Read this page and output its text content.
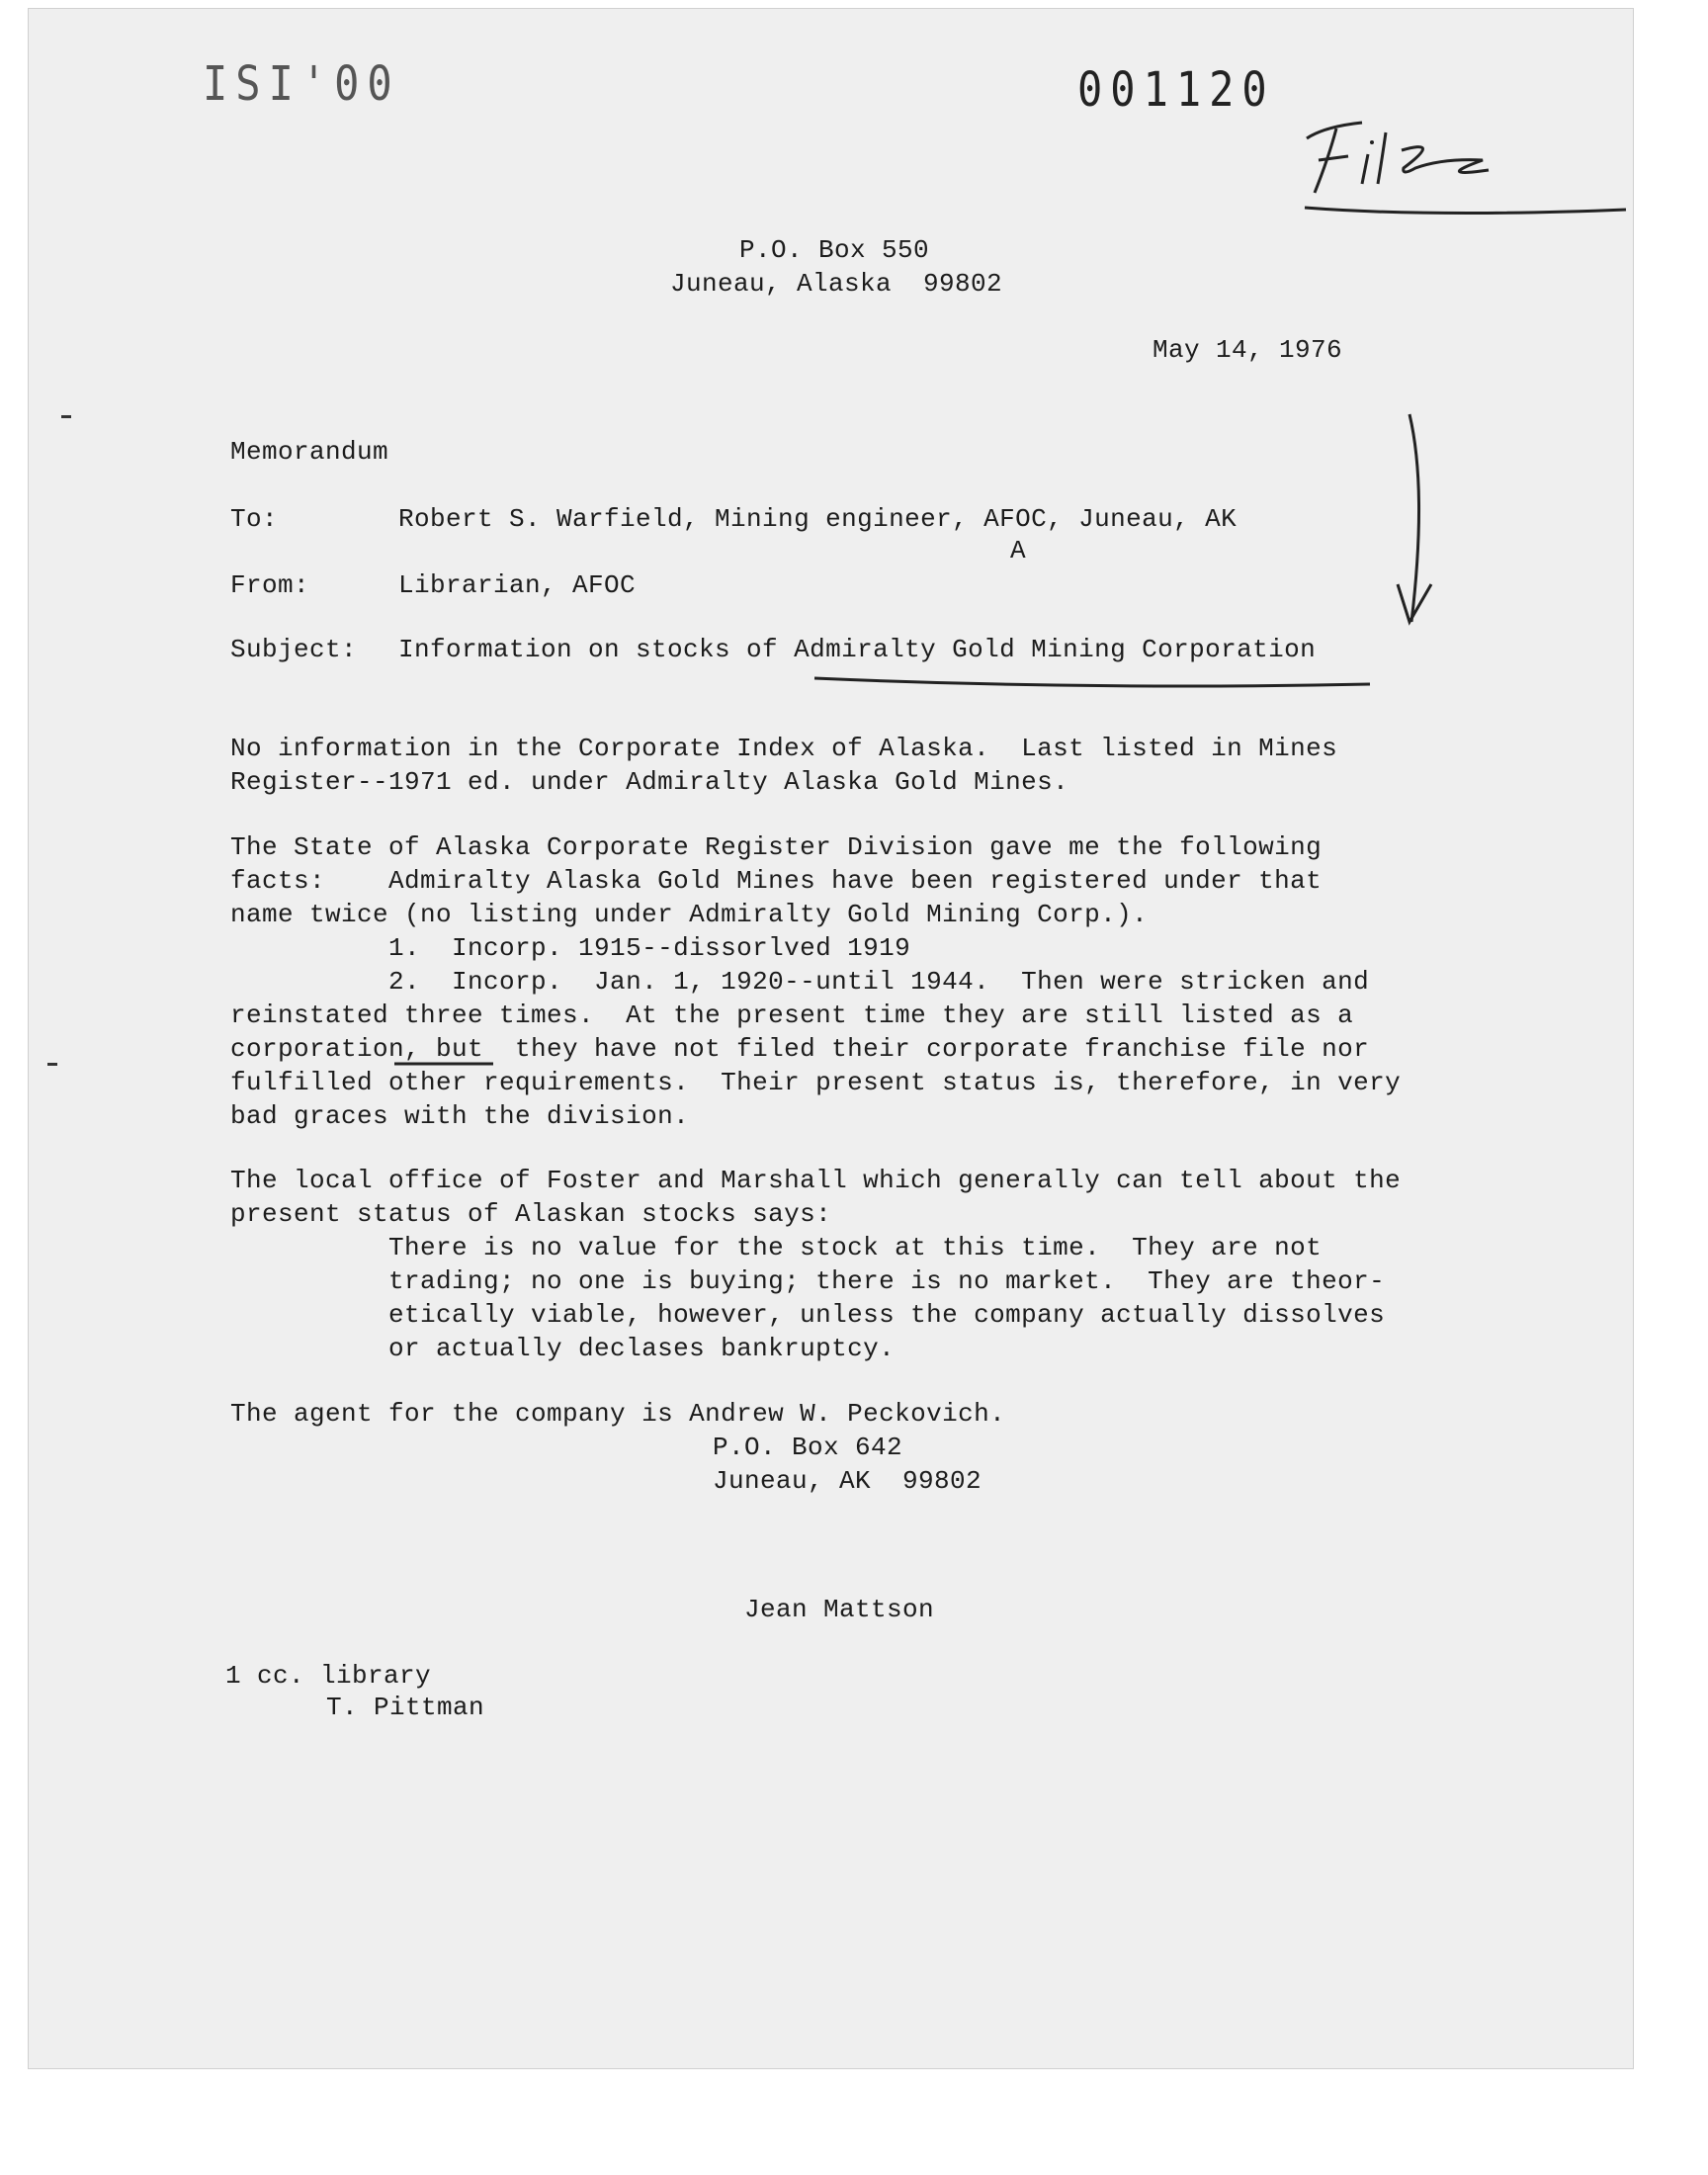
ISI'00	001120
P.O. Box 550
Juneau, Alaska  99802
May 14, 1976
Memorandum
To:	Robert S. Warfield, Mining engineer, AFOC, Juneau, AK
A
From:	Librarian, AFOC
Subject: Information on stocks of Admiralty Gold Mining Corporation
No information in the Corporate Index of Alaska.  Last listed in Mines
Register--1971 ed. under Admiralty Alaska Gold Mines.
The State of Alaska Corporate Register Division gave me the following
facts:    Admiralty Alaska Gold Mines have been registered under that
name twice (no listing under Admiralty Gold Mining Corp.).
1.  Incorp. 1915--dissorlved 1919
2.  Incorp.  Jan. 1, 1920--until 1944.  Then were stricken and
reinstated three times.  At the present time they are still listed as a
corporation, but  they have not filed their corporate franchise file nor
fulfilled other requirements.  Their present status is, therefore, in very
bad graces with the division.
The local office of Foster and Marshall which generally can tell about the
present status of Alaskan stocks says:
There is no value for the stock at this time.  They are not
trading; no one is buying; there is no market.  They are theor-
etically viable, however, unless the company actually dissolves
or actually declases bankruptcy.
The agent for the company is Andrew W. Peckovich.
P.O. Box 642
Juneau, AK  99802
Jean Mattson
1 cc. library
T. Pittman
